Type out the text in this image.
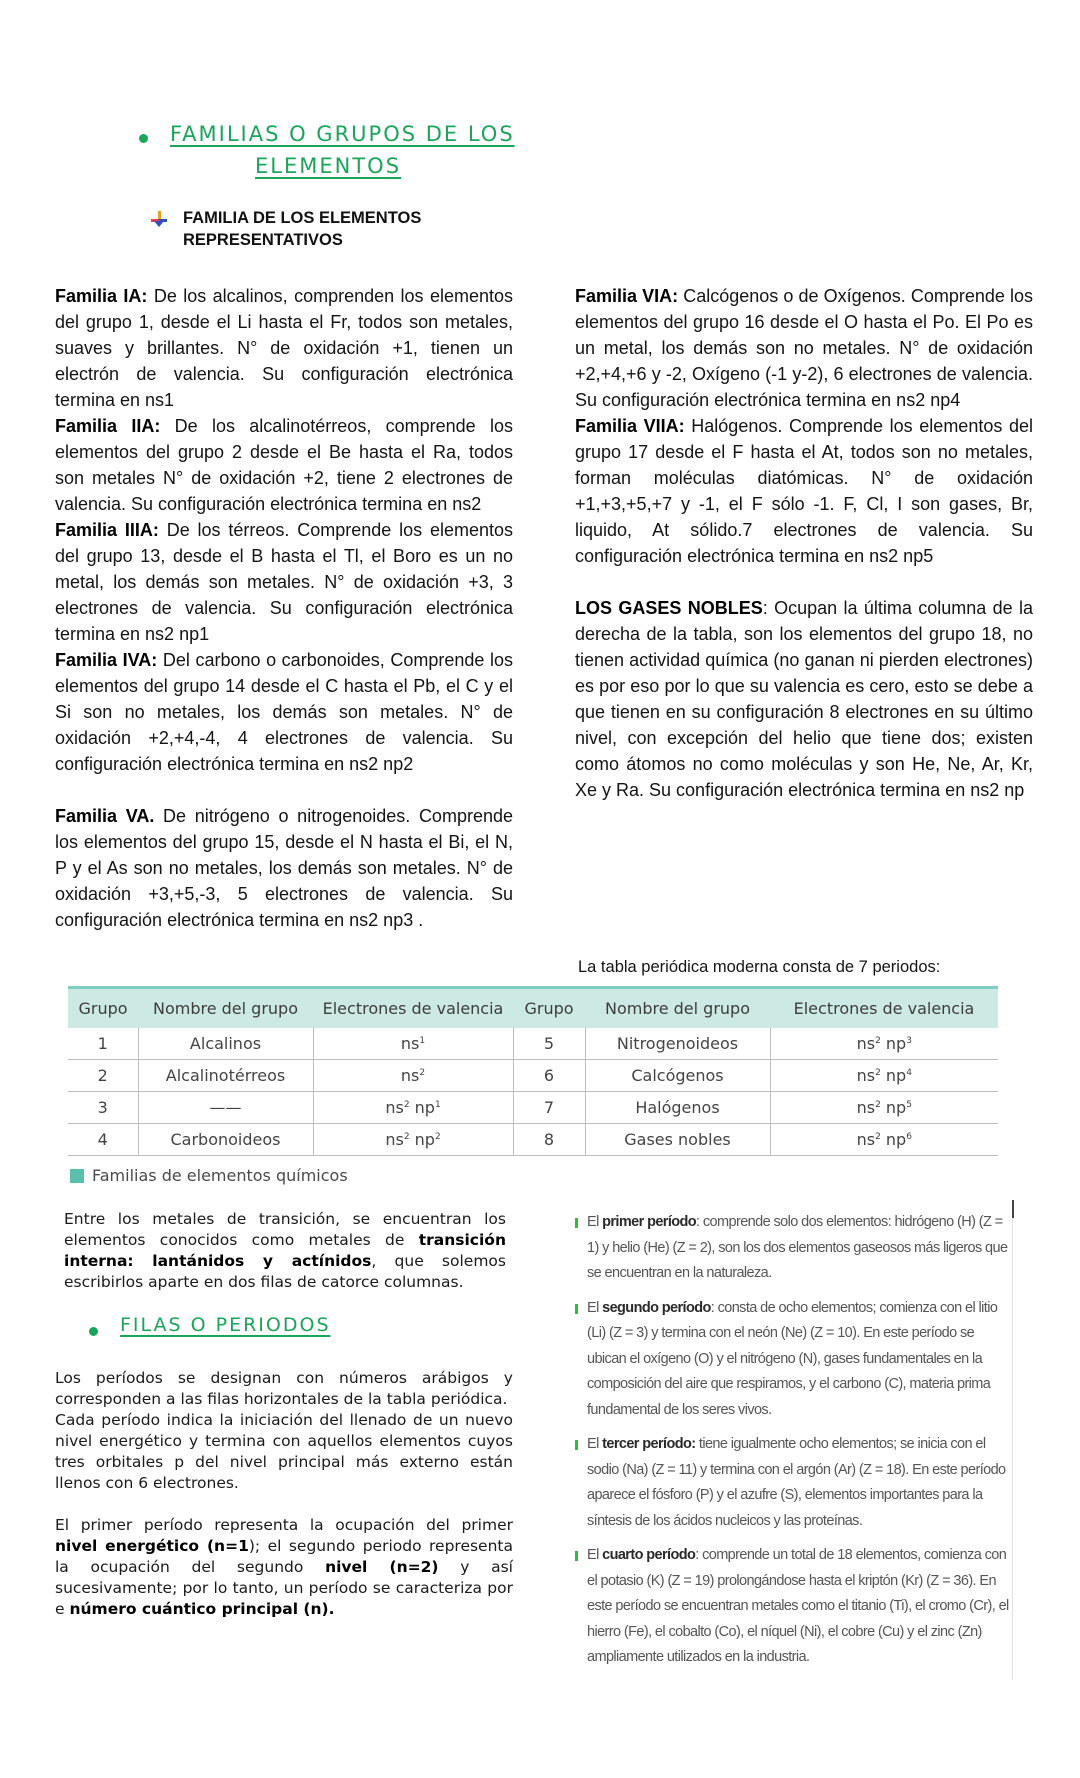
FAMILIAS O GRUPOS DE LOS
ELEMENTOS
FAMILIA DE LOS ELEMENTOS
REPRESENTATIVOS

Familia IA: De los alcalinos, comprenden los elementos del grupo 1, desde el Li hasta el Fr, todos son metales, suaves y brillantes. N° de oxidación +1, tienen un electrón de valencia. Su configuración electrónica termina en ns1

Familia IIA: De los alcalinotérreos, comprende los elementos del grupo 2 desde el Be hasta el Ra, todos son metales N° de oxidación +2, tiene 2 electrones de valencia. Su configuración electrónica termina en ns2

Familia IIIA: De los térreos. Comprende los elementos del grupo 13, desde el B hasta el Tl, el Boro es un no metal, los demás son metales. N° de oxidación +3, 3 electrones de valencia. Su configuración electrónica termina en ns2 np1

Familia IVA: Del carbono o carbonoides, Comprende los elementos del grupo 14 desde el C hasta el Pb, el C y el Si son no metales, los demás son metales. N° de oxidación +2,+4,-4, 4 electrones de valencia. Su configuración electrónica termina en ns2 np2

Familia VA. De nitrógeno o nitrogenoides. Comprende los elementos del grupo 15, desde el N hasta el Bi, el N, P y el As son no metales, los demás son metales. N° de oxidación +3,+5,-3, 5 electrones de valencia. Su configuración electrónica termina en ns2 np3 .

Familia VIA: Calcógenos o de Oxígenos. Comprende los elementos del grupo 16 desde el O hasta el Po. El Po es un metal, los demás son no metales. N° de oxidación +2,+4,+6 y -2, Oxígeno (-1 y-2), 6 electrones de valencia. Su configuración electrónica termina en ns2 np4

Familia VIIA: Halógenos. Comprende los elementos del grupo 17 desde el F hasta el At, todos son no metales, forman moléculas diatómicas. N° de oxidación +1,+3,+5,+7 y -1, el F sólo -1. F, Cl, I son gases, Br, liquido, At sólido.7 electrones de valencia. Su configuración electrónica termina en ns2 np5

LOS GASES NOBLES: Ocupan la última columna de la derecha de la tabla, son los elementos del grupo 18, no tienen actividad química (no ganan ni pierden electrones) es por eso por lo que su valencia es cero, esto se debe a que tienen en su configuración 8 electrones en su último nivel, con excepción del helio que tiene dos; existen como átomos no como moléculas y son He, Ne, Ar, Kr, Xe y Ra. Su configuración electrónica termina en ns2 np

La tabla periódica moderna consta de 7 periodos:
Grupo	Nombre del grupo	Electrones de valencia	Grupo	Nombre del grupo	Electrones de valencia
1	Alcalinos	$ns^1$	5	Nitrogenoideos	$ns^2$ $np^3$
2	Alcalinotérreos	$ns^2$	6	Calcógenos	$ns^2$ $np^4$
3	——	$ns^2$ $np^1$	7	Halógenos	$ns^2$ $np^5$
4	Carbonoideos	$ns^2$ $np^2$	8	Gases nobles	$ns^2$ $np^6$
Familias de elementos químicos
Entre los metales de transición, se encuentran los elementos conocidos como metales de transición interna: lantánidos y actínidos, que solemos escribirlos aparte en dos filas de catorce columnas.
FILAS O PERIODOS
Los períodos se designan con números arábigos y corresponden a las filas horizontales de la tabla periódica.
Cada período indica la iniciación del llenado de un nuevo nivel energético y termina con aquellos elementos cuyos tres orbitales p del nivel principal más externo están llenos con 6 electrones.
El primer período representa la ocupación del primer nivel energético (n=1); el segundo periodo representa la ocupación del segundo nivel (n=2) y así sucesivamente; por lo tanto, un período se caracteriza por e número cuántico principal (n).
El primer período: comprende solo dos elementos: hidrógeno (H) (Z = 1) y helio (He) (Z = 2), son los dos elementos gaseosos más ligeros que se encuentran en la naturaleza.
El segundo período: consta de ocho elementos; comienza con el litio (Li) (Z = 3) y termina con el neón (Ne) (Z = 10). En este período se ubican el oxígeno (O) y el nitrógeno (N), gases fundamentales en la composición del aire que respiramos, y el carbono (C), materia prima fundamental de los seres vivos.
El tercer período: tiene igualmente ocho elementos; se inicia con el sodio (Na) (Z = 11) y termina con el argón (Ar) (Z = 18). En este período aparece el fósforo (P) y el azufre (S), elementos importantes para la síntesis de los ácidos nucleicos y las proteínas.
El cuarto período: comprende un total de 18 elementos, comienza con el potasio (K) (Z = 19) prolongándose hasta el kriptón (Kr) (Z = 36). En este período se encuentran metales como el titanio (Ti), el cromo (Cr), el hierro (Fe), el cobalto (Co), el níquel (Ni), el cobre (Cu) y el zinc (Zn) ampliamente utilizados en la industria.
